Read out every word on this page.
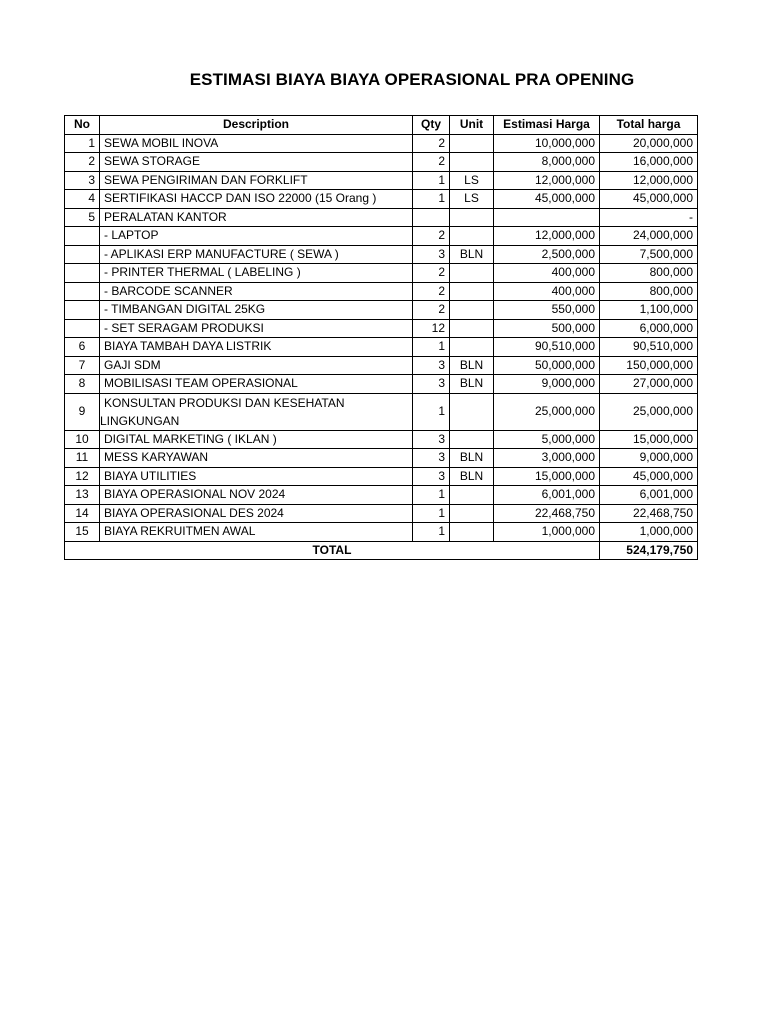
ESTIMASI BIAYA BIAYA OPERASIONAL PRA OPENING
No	Description	Qty	Unit	Estimasi Harga	Total harga
1	SEWA MOBIL INOVA	2		10,000,000	20,000,000
2	SEWA STORAGE	2		8,000,000	16,000,000
3	SEWA PENGIRIMAN DAN FORKLIFT	1	LS	12,000,000	12,000,000
4	SERTIFIKASI HACCP DAN ISO 22000 (15 Orang )	1	LS	45,000,000	45,000,000
5	PERALATAN KANTOR				-
	- LAPTOP	2		12,000,000	24,000,000
	- APLIKASI ERP MANUFACTURE ( SEWA )	3	BLN	2,500,000	7,500,000
	- PRINTER THERMAL ( LABELING )	2		400,000	800,000
	- BARCODE SCANNER	2		400,000	800,000
	- TIMBANGAN DIGITAL 25KG	2		550,000	1,100,000
	- SET SERAGAM PRODUKSI	12		500,000	6,000,000
6	BIAYA TAMBAH DAYA LISTRIK	1		90,510,000	90,510,000
7	GAJI SDM	3	BLN	50,000,000	150,000,000
8	MOBILISASI TEAM OPERASIONAL	3	BLN	9,000,000	27,000,000
9	KONSULTAN PRODUKSI DAN KESEHATAN
LINGKUNGAN	1		25,000,000	25,000,000
10	DIGITAL MARKETING ( IKLAN )	3		5,000,000	15,000,000
11	MESS KARYAWAN	3	BLN	3,000,000	9,000,000
12	BIAYA UTILITIES	3	BLN	15,000,000	45,000,000
13	BIAYA OPERASIONAL NOV 2024	1		6,001,000	6,001,000
14	BIAYA OPERASIONAL DES 2024	1		22,468,750	22,468,750
15	BIAYA REKRUITMEN AWAL	1		1,000,000	1,000,000
TOTAL					524,179,750
